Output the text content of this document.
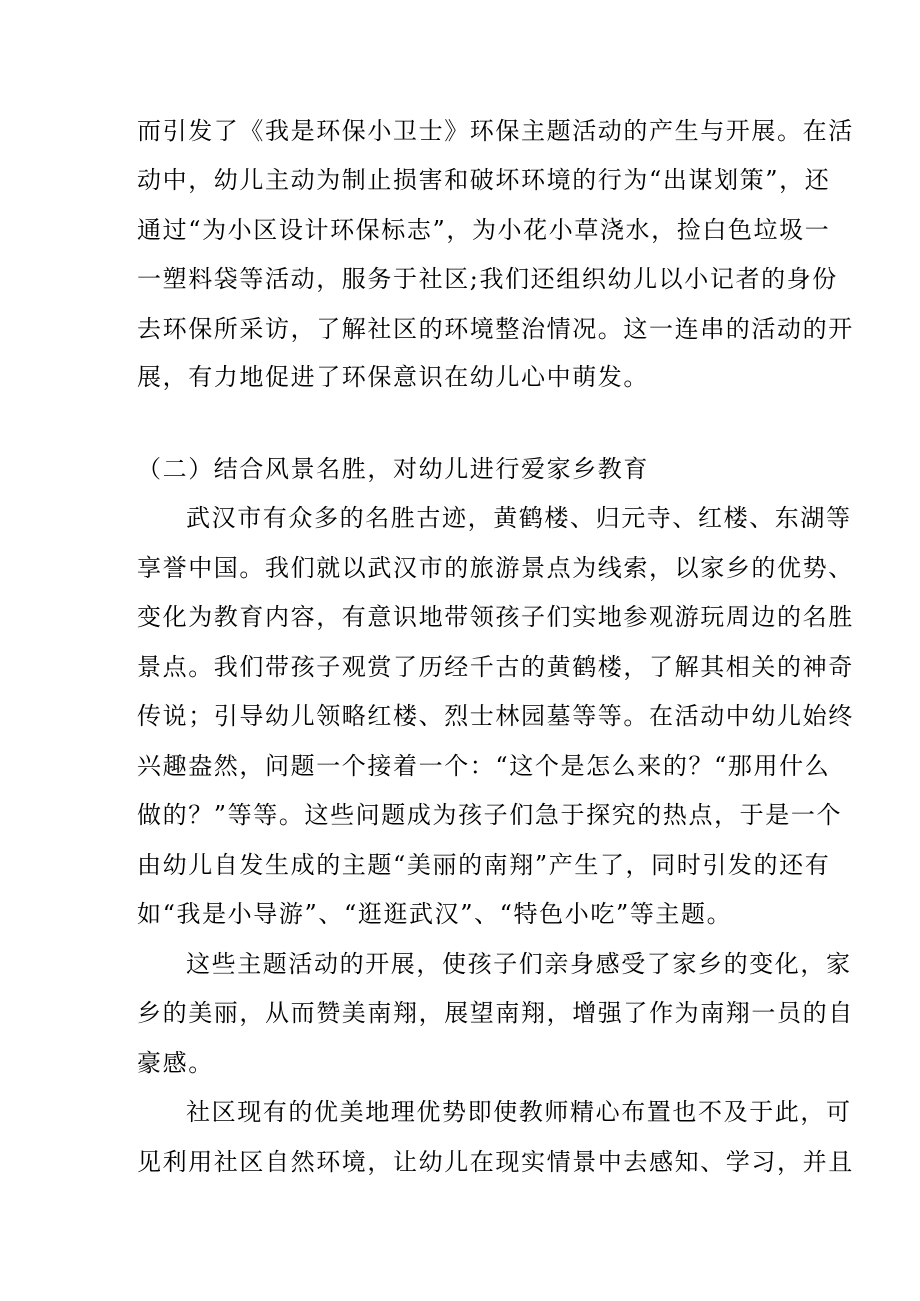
而引发了《我是环保小卫士》环保主题活动的产生与开展。在活
动中，幼儿主动为制止损害和破坏环境的行为“出谋划策”，还
通过“为小区设计环保标志”，为小花小草浇水，捡白色垃圾一
一塑料袋等活动，服务于社区;我们还组织幼儿以小记者的身份
去环保所采访，了解社区的环境整治情况。这一连串的活动的开
展，有力地促进了环保意识在幼儿心中萌发。
（二）结合风景名胜，对幼儿进行爱家乡教育
武汉市有众多的名胜古迹，黄鹤楼、归元寺、红楼、东湖等
享誉中国。我们就以武汉市的旅游景点为线索，以家乡的优势、
变化为教育内容，有意识地带领孩子们实地参观游玩周边的名胜
景点。我们带孩子观赏了历经千古的黄鹤楼，了解其相关的神奇
传说；引导幼儿领略红楼、烈士林园墓等等。在活动中幼儿始终
兴趣盎然，问题一个接着一个：“这个是怎么来的？“那用什么
做的？”等等。这些问题成为孩子们急于探究的热点，于是一个
由幼儿自发生成的主题“美丽的南翔”产生了，同时引发的还有
如“我是小导游”、“逛逛武汉”、“特色小吃”等主题。
这些主题活动的开展，使孩子们亲身感受了家乡的变化，家
乡的美丽，从而赞美南翔，展望南翔，增强了作为南翔一员的自
豪感。
社区现有的优美地理优势即使教师精心布置也不及于此，可
见利用社区自然环境，让幼儿在现实情景中去感知、学习，并且
